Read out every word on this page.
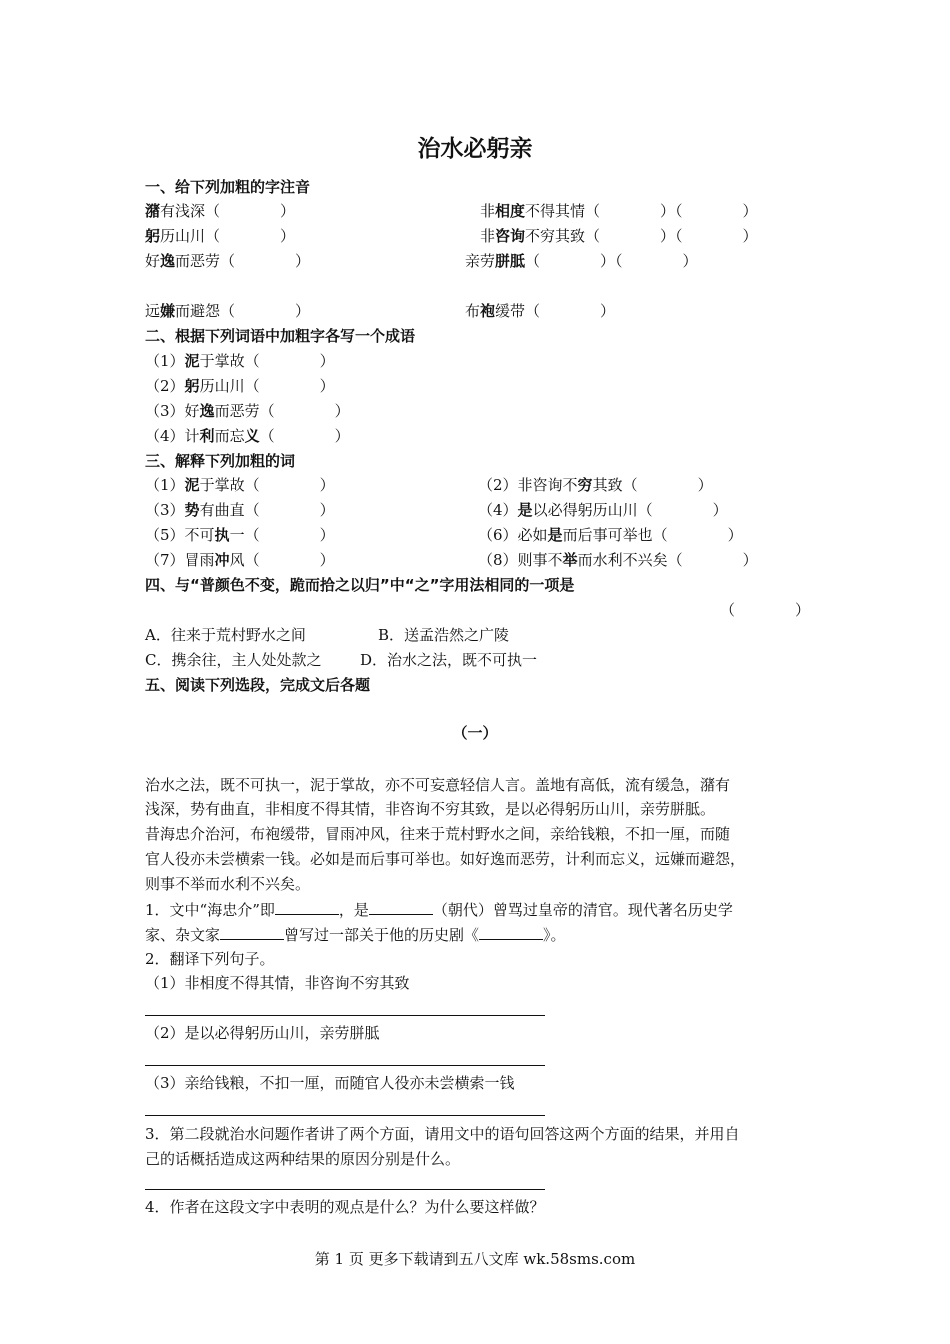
治水必躬亲
一、给下列加粗的字注音
潴有浅深（　　　　）	非相度不得其情（　　　　）（　　　　）
躬历山川（　　　　）	非咨询不穷其致（　　　　）（　　　　）
好逸而恶劳（　　　　）	亲劳胼胝（　　　　）（　　　　）
远嫌而避怨（　　　　）	布袍缓带（　　　　）
二、根据下列词语中加粗字各写一个成语
（1）泥于掌故（　　　　）
（2）躬历山川（　　　　）
（3）好逸而恶劳（　　　　）
（4）计利而忘义（　　　　）
三、解释下列加粗的词
（1）泥于掌故（　　　　）	（2）非咨询不穷其致（　　　　）
（3）势有曲直（　　　　）	（4）是以必得躬历山川（　　　　）
（5）不可执一（　　　　）	（6）必如是而后事可举也（　　　　）
（7）冒雨冲风（　　　　）	（8）则事不举而水利不兴矣（　　　　）
四、与“普颜色不变，跪而拾之以归”中“之”字用法相同的一项是
（　　　　）
A．往来于荒村野水之间	B．送孟浩然之广陵
C．携余往，主人处处款之	D．治水之法，既不可执一
五、阅读下列选段，完成文后各题
（一）
治水之法，既不可执一，泥于掌故，亦不可妄意轻信人言。盖地有高低，流有缓急，潴有
浅深，势有曲直，非相度不得其情，非咨询不穷其致，是以必得躬历山川，亲劳胼胝。
昔海忠介治河，布袍缓带，冒雨冲风，往来于荒村野水之间，亲给钱粮，不扣一厘，而随
官人役亦未尝横索一钱。必如是而后事可举也。如好逸而恶劳，计利而忘义，远嫌而避怨，
则事不举而水利不兴矣。
1．文中“海忠介”即	，是	（朝代）曾骂过皇帝的清官。现代著名历史学
家、杂文家	曾写过一部关于他的历史剧《	》。
2．翻译下列句子。
（1）非相度不得其情，非咨询不穷其致
（2）是以必得躬历山川，亲劳胼胝
（3）亲给钱粮，不扣一厘，而随官人役亦未尝横索一钱
3．第二段就治水问题作者讲了两个方面，请用文中的语句回答这两个方面的结果，并用自
己的话概括造成这两种结果的原因分别是什么。
4．作者在这段文字中表明的观点是什么？为什么要这样做？
第 1 页 更多下载请到五八文库 wk.58sms.com
